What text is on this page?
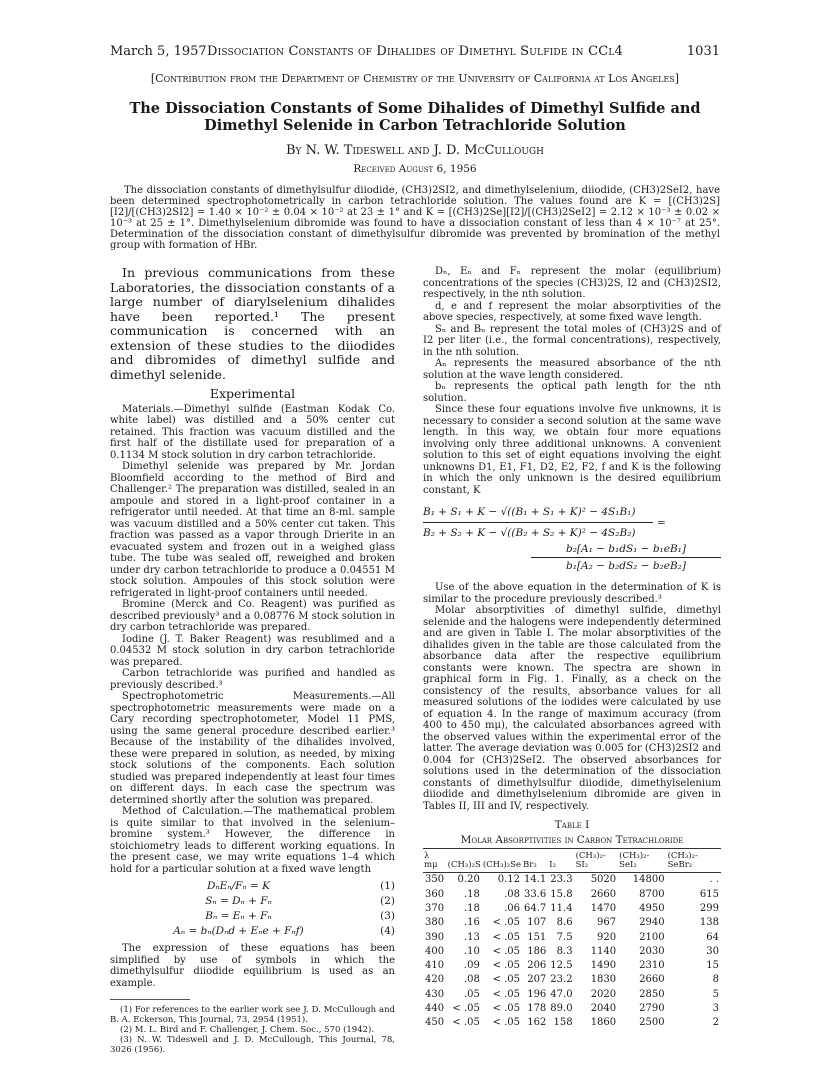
March 5, 1957 Dissociation Constants of Dihalides of Dimethyl Sulfide in CCl4	1031
[Contribution from the Department of Chemistry of the University of California at Los Angeles]
The Dissociation Constants of Some Dihalides of Dimethyl Sulfide and Dimethyl Selenide in Carbon Tetrachloride Solution
By N. W. Tideswell and J. D. McCullough
Received August 6, 1956
The dissociation constants of dimethylsulfur diiodide, (CH3)2SI2, and dimethylselenium, diiodide, (CH3)2SeI2, have been determined spectrophotometrically in carbon tetrachloride solution. The values found are K = [(CH3)2S][I2]/[(CH3)2SI2] = 1.40 × 10⁻² ± 0.04 × 10⁻² at 23 ± 1° and K = [(CH3)2Se][I2]/[(CH3)2SeI2] = 2.12 × 10⁻³ ± 0.02 × 10⁻³ at 25 ± 1°. Dimethylselenium dibromide was found to have a dissociation constant of less than 4 × 10⁻⁷ at 25°. Determination of the dissociation constant of dimethylsulfur dibromide was prevented by bromination of the methyl group with formation of HBr.

In previous communications from these Laboratories, the dissociation constants of a large number of diarylselenium dihalides have been reported.¹ The present communication is concerned with an extension of these studies to the diiodides and dibromides of dimethyl sulfide and dimethyl selenide.

Experimental

Materials.—Dimethyl sulfide (Eastman Kodak Co. white label) was distilled and a 50% center cut retained. This fraction was vacuum distilled and the first half of the distillate used for preparation of a 0.1134 M stock solution in dry carbon tetrachloride.

Dimethyl selenide was prepared by Mr. Jordan Bloomfield according to the method of Bird and Challenger.² The preparation was distilled, sealed in an ampoule and stored in a light-proof container in a refrigerator until needed. At that time an 8-ml. sample was vacuum distilled and a 50% center cut taken. This fraction was passed as a vapor through Drierite in an evacuated system and frozen out in a weighed glass tube. The tube was sealed off, reweighed and broken under dry carbon tetrachloride to produce a 0.04551 M stock solution. Ampoules of this stock solution were refrigerated in light-proof containers until needed.

Bromine (Merck and Co. Reagent) was purified as described previously³ and a 0.08776 M stock solution in dry carbon tetrachloride was prepared.

Iodine (J. T. Baker Reagent) was resublimed and a 0.04532 M stock solution in dry carbon tetrachloride was prepared.

Carbon tetrachloride was purified and handled as previously described.³

Spectrophotometric Measurements.—All spectrophotometric measurements were made on a Cary recording spectrophotometer, Model 11 PMS, using the same general procedure described earlier.³ Because of the instability of the dihalides involved, these were prepared in solution, as needed, by mixing stock solutions of the components. Each solution studied was prepared independently at least four times on different days. In each case the spectrum was determined shortly after the solution was prepared.

Method of Calculation.—The mathematical problem is quite similar to that involved in the selenium–bromine system.³ However, the difference in stoichiometry leads to different working equations. In the present case, we may write equations 1–4 which hold for a particular solution at a fixed wave length

DₙEₙ/Fₙ = K	(1)
Sₙ = Dₙ + Fₙ	(2)
Bₙ = Eₙ + Fₙ	(3)
Aₙ = bₙ(Dₙd + Eₙe + Fₙf)	(4)

The expression of these equations has been simplified by use of symbols in which the dimethylsulfur diiodide equilibrium is used as an example.

(1) For references to the earlier work see J. D. McCullough and B. A. Eckerson, This Journal, 73, 2954 (1951).

(2) M. L. Bird and F. Challenger, J. Chem. Soc., 570 (1942).

(3) N. W. Tideswell and J. D. McCullough, This Journal, 78, 3026 (1956).

Dₙ, Eₙ and Fₙ represent the molar (equilibrium) concentrations of the species (CH3)2S, I2 and (CH3)2SI2, respectively, in the nth solution.

d, e and f represent the molar absorptivities of the above species, respectively, at some fixed wave length.

Sₙ and Bₙ represent the total moles of (CH3)2S and of I2 per liter (i.e., the formal concentrations), respectively, in the nth solution.

Aₙ represents the measured absorbance of the nth solution at the wave length considered.

bₙ represents the optical path length for the nth solution.

Since these four equations involve five unknowns, it is necessary to consider a second solution at the same wave length. In this way, we obtain four more equations involving only three additional unknowns. A convenient solution to this set of eight equations involving the eight unknowns D1, E1, F1, D2, E2, F2, f and K is the following in which the only unknown is the desired equilibrium constant, K

$\frac{\text{B₁ + S₁ + K − √((B₁ + S₁ + K)² − 4S₁B₁)}}{\text{B₂ + S₂ + K − √((B₂ + S₂ + K)² − 4S₂B₂)}}$ =
b₂[A₁ − b₁dS₁ − b₁eB₁]
b₁[A₂ − b₂dS₂ − b₂eB₂]

Use of the above equation in the determination of K is similar to the procedure previously described.³

Molar absorptivities of dimethyl sulfide, dimethyl selenide and the halogens were independently determined and are given in Table I. The molar absorptivities of the dihalides given in the table are those calculated from the absorbance data after the respective equilibrium constants were known. The spectra are shown in graphical form in Fig. 1. Finally, as a check on the consistency of the results, absorbance values for all measured solutions of the iodides were calculated by use of equation 4. In the range of maximum accuracy (from 400 to 450 mμ), the calculated absorbances agreed with the observed values within the experimental error of the latter. The average deviation was 0.005 for (CH3)2SI2 and 0.004 for (CH3)2SeI2. The observed absorbances for solutions used in the determination of the dissociation constants of dimethylsulfur diiodide, dimethylselenium diiodide and dimethylselenium dibromide are given in Tables II, III and IV, respectively.

Table I
Molar Absorptivities in Carbon Tetrachloride
λ mμ	(CH₃)₂S	(CH₃)₂Se	Br₂	I₂	(CH₃)₂-SI₂	(CH₃)₂-SeI₂	(CH₃)₂-SeBr₂
350	0.20	0.12	14.1	23.3	5020	14800	. .
360	.18	.08	33.6	15.8	2660	8700	615
370	.18	.06	64.7	11.4	1470	4950	299
380	.16	< .05	107	8.6	967	2940	138
390	.13	< .05	151	7.5	920	2100	64
400	.10	< .05	186	8.3	1140	2030	30
410	.09	< .05	206	12.5	1490	2310	15
420	.08	< .05	207	23.2	1830	2660	8
430	.05	< .05	196	47.0	2020	2850	5
440	< .05	< .05	178	89.0	2040	2790	3
450	< .05	< .05	162	158	1860	2500	2
